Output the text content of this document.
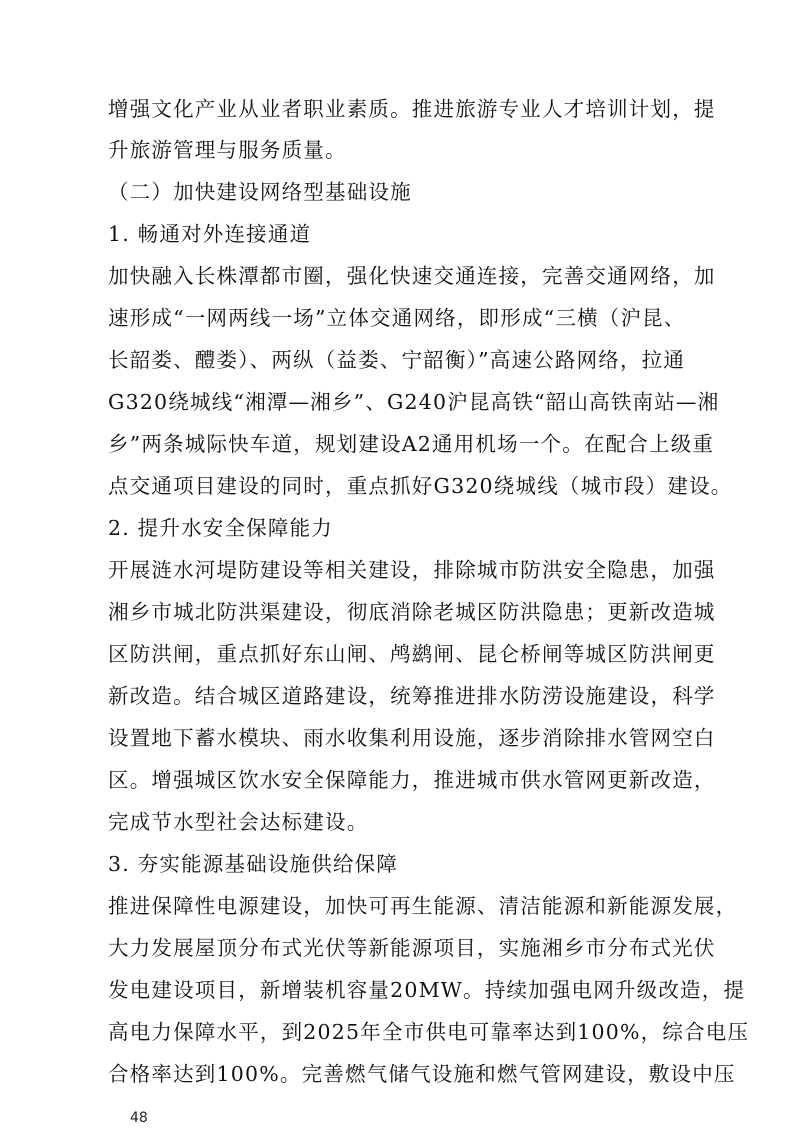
增强文化产业从业者职业素质。推进旅游专业人才培训计划，提
升旅游管理与服务质量。
（二）加快建设网络型基础设施
1. 畅通对外连接通道
加快融入长株潭都市圈，强化快速交通连接，完善交通网络，加
速形成“一网两线一场”立体交通网络，即形成“三横（沪昆、
长韶娄、醴娄）、两纵（益娄、宁韶衡）”高速公路网络，拉通
G320绕城线“湘潭—湘乡”、G240沪昆高铁“韶山高铁南站—湘
乡”两条城际快车道，规划建设A2通用机场一个。在配合上级重
点交通项目建设的同时，重点抓好G320绕城线（城市段）建设。
2. 提升水安全保障能力
开展涟水河堤防建设等相关建设，排除城市防洪安全隐患，加强
湘乡市城北防洪渠建设，彻底消除老城区防洪隐患；更新改造城
区防洪闸，重点抓好东山闸、鸬鹚闸、昆仑桥闸等城区防洪闸更
新改造。结合城区道路建设，统筹推进排水防涝设施建设，科学
设置地下蓄水模块、雨水收集利用设施，逐步消除排水管网空白
区。增强城区饮水安全保障能力，推进城市供水管网更新改造，
完成节水型社会达标建设。
3. 夯实能源基础设施供给保障
推进保障性电源建设，加快可再生能源、清洁能源和新能源发展，
大力发展屋顶分布式光伏等新能源项目，实施湘乡市分布式光伏
发电建设项目，新增装机容量20MW。持续加强电网升级改造，提
高电力保障水平，到2025年全市供电可靠率达到100%，综合电压
合格率达到100%。完善燃气储气设施和燃气管网建设，敷设中压
48
